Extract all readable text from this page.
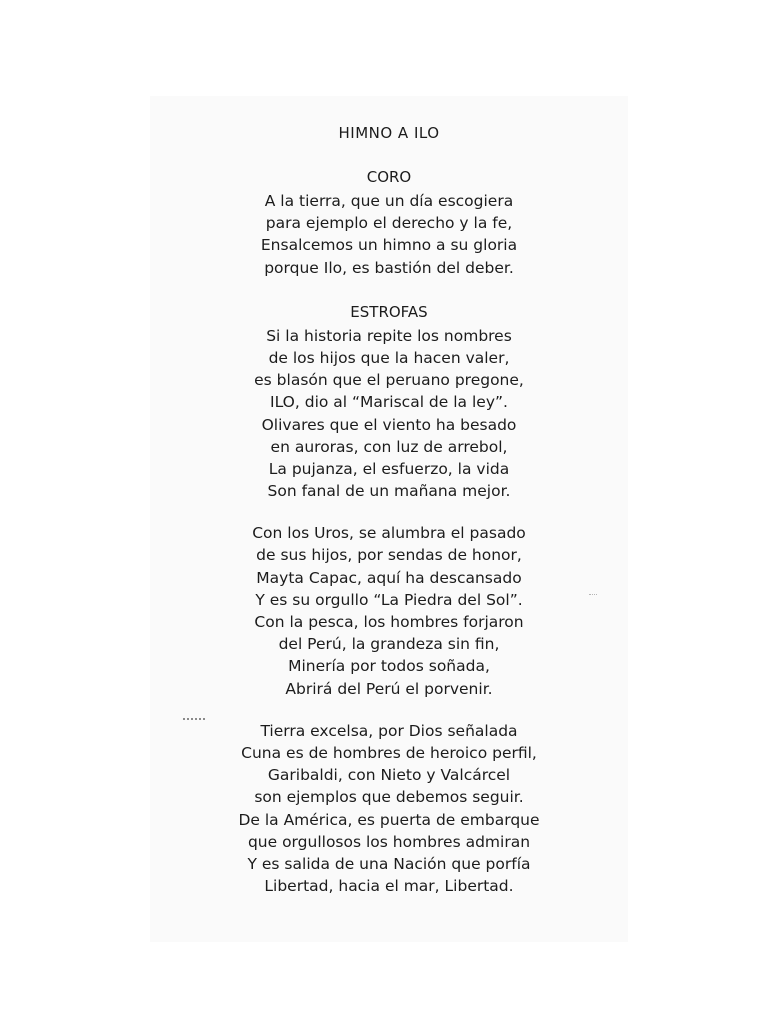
HIMNO A ILO
CORO
A la tierra, que un día escogiera
para ejemplo el derecho y la fe,
Ensalcemos un himno a su gloria
porque Ilo, es bastión del deber.
ESTROFAS
Si la historia repite los nombres
de los hijos que la hacen valer,
es blasón que el peruano pregone,
ILO, dio al “Mariscal de la ley”.
Olivares que el viento ha besado
en auroras, con luz de arrebol,
La pujanza, el esfuerzo, la vida
Son fanal de un mañana mejor.
Con los Uros, se alumbra el pasado
de sus hijos, por sendas de honor,
Mayta Capac, aquí ha descansado
Y es su orgullo “La Piedra del Sol”.
Con la pesca, los hombres forjaron
del Perú, la grandeza sin fin,
Minería por todos soñada,
Abrirá del Perú el porvenir.
Tierra excelsa, por Dios señalada
Cuna es de hombres de heroico perfil,
Garibaldi, con Nieto y Valcárcel
son ejemplos que debemos seguir.
De la América, es puerta de embarque
que orgullosos los hombres admiran
Y es salida de una Nación que porfía
Libertad, hacia el mar, Libertad.
